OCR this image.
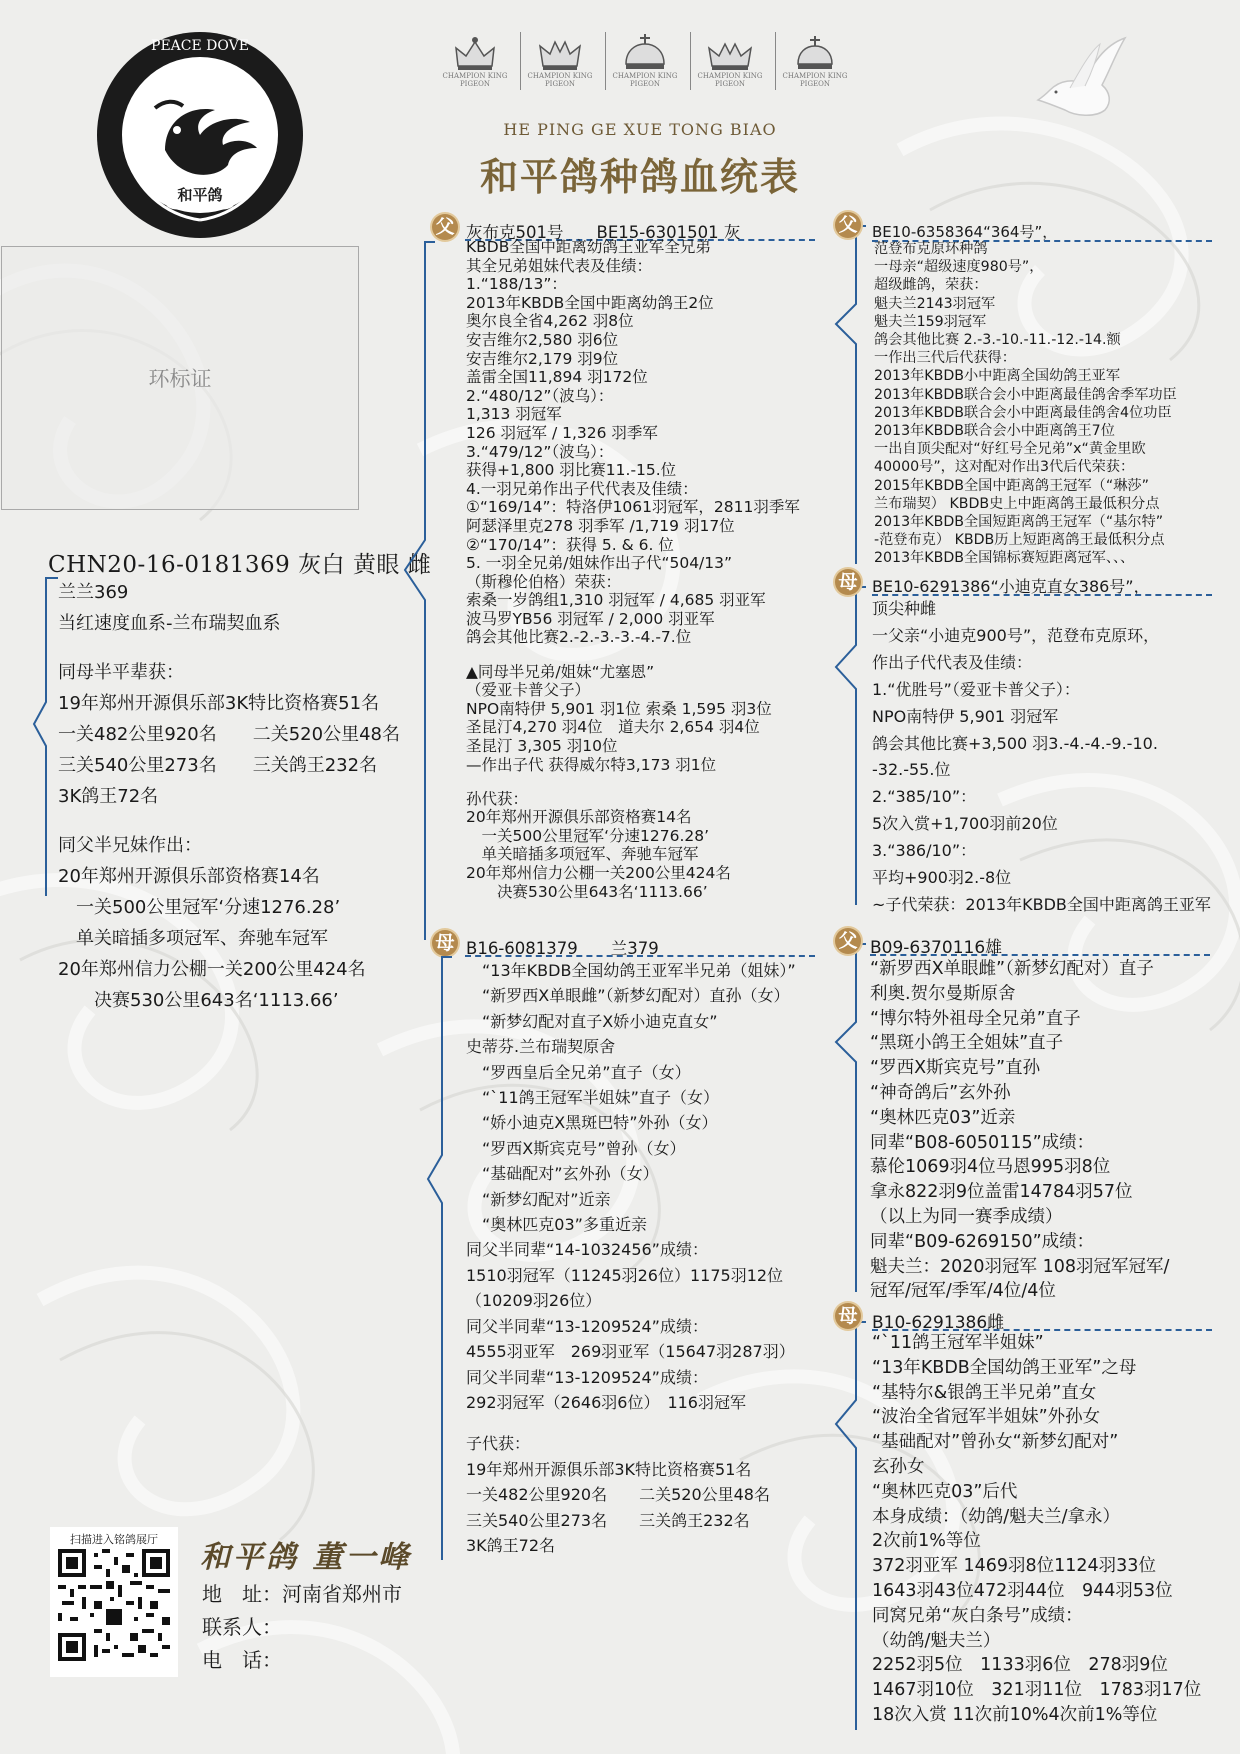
PEACE DOVE
和平鸽
CHAMPION KING PIGEON
CHAMPION KING PIGEON
CHAMPION KING PIGEON
CHAMPION KING PIGEON
CHAMPION KING PIGEON
HE PING GE XUE TONG BIAO
和平鸽种鸽血统表
环标证
CHN20-16-0181369 灰白 黄眼 雌
兰兰369
当红速度血系-兰布瑞契血系
同母半平辈获：
19年郑州开源俱乐部3K特比资格赛51名
一关482公里920名　　二关520公里48名
三关540公里273名　　三关鸽王232名
3K鸽王72名
同父半兄妹作出：
20年郑州开源俱乐部资格赛14名
　一关500公里冠军‘分速1276.28’
　单关暗插多项冠军、奔驰车冠军
20年郑州信力公棚一关200公里424名
　　决赛530公里643名‘1113.66’
父 灰布克501号　　BE15-6301501 灰
KBDB全国中距离幼鸽王亚军全兄弟
其全兄弟姐妹代表及佳绩：
1.“188/13”：
2013年KBDB全国中距离幼鸽王2位
奥尔良全省4,262 羽8位
安吉维尔2,580 羽6位
安吉维尔2,179 羽9位
盖雷全国11,894 羽172位
2.“480/12”（波乌）：
1,313 羽冠军
126 羽冠军 / 1,326 羽季军
3.“479/12”（波乌）：
获得+1,800 羽比赛11.-15.位
4.一羽兄弟作出子代代表及佳绩：
①“169/14”：特洛伊1061羽冠军，2811羽季军
阿瑟泽里克278 羽季军 /1,719 羽17位
②“170/14”：获得 5. & 6. 位
5. 一羽全兄弟/姐妹作出子代“504/13”
（斯穆伦伯格）荣获：
索桑一岁鸽组1,310 羽冠军 / 4,685 羽亚军
波马罗YB56 羽冠军 / 2,000 羽亚军
鸽会其他比赛2.-2.-3.-3.-4.-7.位
▲同母半兄弟/姐妹“尤塞恩”
（爱亚卡普父子）
NPO南特伊 5,901 羽1位 索桑 1,595 羽3位
圣昆汀4,270 羽4位　道夫尔 2,654 羽4位
圣昆汀 3,305 羽10位
—作出子代 获得威尔特3,173 羽1位
孙代获：
20年郑州开源俱乐部资格赛14名
　一关500公里冠军‘分速1276.28’
　单关暗插多项冠军、奔驰车冠军
20年郑州信力公棚一关200公里424名
　　决赛530公里643名‘1113.66’
母 B16-6081379　　兰379
　“13年KBDB全国幼鸽王亚军半兄弟（姐妹）”
　“新罗西X单眼雌”（新梦幻配对）直孙（女）
　“新梦幻配对直子X娇小迪克直女”
史蒂芬.兰布瑞契原舍
　“罗西皇后全兄弟”直子（女）
　“`11鸽王冠军半姐妹”直子（女）
　“娇小迪克X黑斑巴特”外孙（女）
　“罗西X斯宾克号”曾孙（女）
　“基础配对”玄外孙（女）
　“新梦幻配对”近亲
　“奥林匹克03”多重近亲
同父半同辈“14-1032456”成绩：
1510羽冠军（11245羽26位）1175羽12位
（10209羽26位）
同父半同辈“13-1209524”成绩：
4555羽亚军　269羽亚军（15647羽287羽）
同父半同辈“13-1209524”成绩：
292羽冠军（2646羽6位）　116羽冠军
子代获：
19年郑州开源俱乐部3K特比资格赛51名
一关482公里920名　　二关520公里48名
三关540公里273名　　三关鸽王232名
3K鸽王72名
父 BE10-6358364“364号”，
范登布克原环种鸽
一母亲“超级速度980号”，
超级雌鸽，荣获：
魁夫兰2143羽冠军
魁夫兰159羽冠军
鸽会其他比赛 2.-3.-10.-11.-12.-14.额
一作出三代后代获得：
2013年KBDB小中距离全国幼鸽王亚军
2013年KBDB联合会小中距离最佳鸽舍季军功臣
2013年KBDB联合会小中距离最佳鸽舍4位功臣
2013年KBDB联合会小中距离鸽王7位
一出自顶尖配对“好红号全兄弟”x“黄金里欧
40000号”，这对配对作出3代后代荣获：
2015年KBDB全国中距离鸽王冠军（“琳莎”
兰布瑞契） KBDB史上中距离鸽王最低积分点
2013年KBDB全国短距离鸽王冠军（“基尔特”
-范登布克） KBDB历上短距离鸽王最低积分点
2013年KBDB全国锦标赛短距离冠军、、、
母 BE10-6291386“小迪克直女386号”，
顶尖种雌
一父亲“小迪克900号”，范登布克原环，
作出子代代表及佳绩：
1.“优胜号”（爱亚卡普父子）：
NPO南特伊 5,901 羽冠军
鸽会其他比赛+3,500 羽3.-4.-4.-9.-10.
-32.-55.位
2.“385/10”：
5次入赏+1,700羽前20位
3.“386/10”：
平均+900羽2.-8位
~子代荣获：2013年KBDB全国中距离鸽王亚军
父 B09-6370116雄
“新罗西X单眼雌”（新梦幻配对）直子
利奥.贺尔曼斯原舍
“博尔特外祖母全兄弟”直子
“黑斑小鸽王全姐妹”直子
“罗西X斯宾克号”直孙
“神奇鸽后”玄外孙
“奥林匹克03”近亲
同辈“B08-6050115”成绩：
慕伦1069羽4位马恩995羽8位
拿永822羽9位盖雷14784羽57位
（以上为同一赛季成绩）
同辈“B09-6269150”成绩：
魁夫兰：2020羽冠军 108羽冠军冠军/
冠军/冠军/季军/4位/4位
母 B10-6291386雌
“`11鸽王冠军半姐妹”
“13年KBDB全国幼鸽王亚军”之母
“基特尔&银鸽王半兄弟”直女
“波治全省冠军半姐妹”外孙女
“基础配对”曾孙女“新梦幻配对”
玄孙女
“奥林匹克03”后代
本身成绩：（幼鸽/魁夫兰/拿永）
2次前1%等位
372羽亚军 1469羽8位1124羽33位
1643羽43位472羽44位　944羽53位
同窝兄弟“灰白条号”成绩：
（幼鸽/魁夫兰）
2252羽5位　1133羽6位　278羽9位
1467羽10位　321羽11位　1783羽17位
18次入赏 11次前10%4次前1%等位
扫描进入铭鸽展厅
和平鸽 董一峰
地　址：河南省郑州市
联系人：
电　话：
